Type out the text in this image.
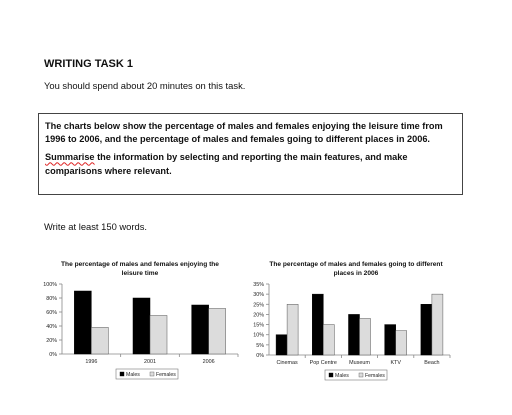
WRITING TASK 1
You should spend about 20 minutes on this task.

The charts below show the percentage of males and females enjoying the leisure time from 1996 to 2006, and the percentage of males and females going to different places in 2006.

Summarise the information by selecting and reporting the main features, and make comparisons where relevant.

Write at least 150 words.
The percentage of males and females enjoying the
leisure time
0%
20%
40%
60%
80%
100%
1996	2001	2006
Males	Females
The percentage of males and females going to different
places in 2006
0%
5%
10%
15%
20%
25%
30%
35%
Cinemas Pop Centre Museum	KTV	Beach
Males	Females
